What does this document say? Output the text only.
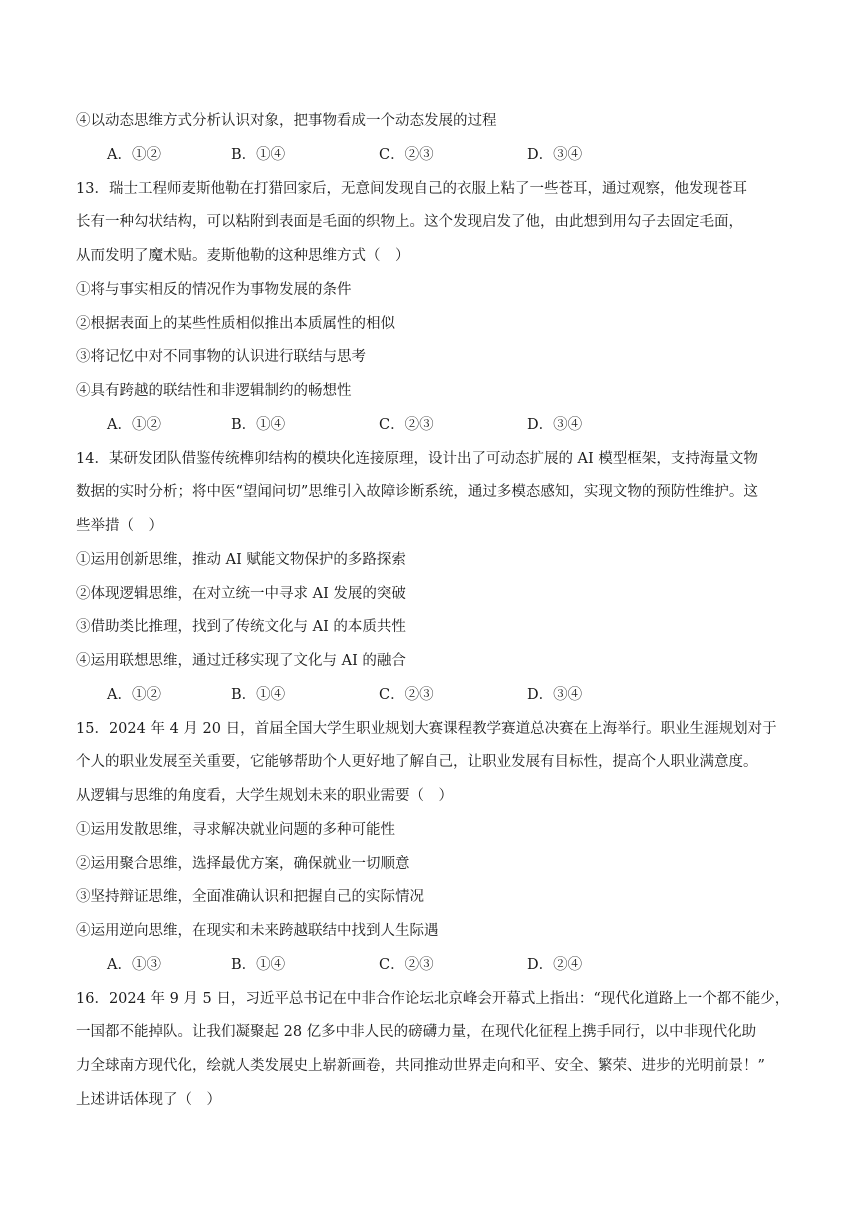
④以动态思维方式分析认识对象，把事物看成一个动态发展的过程
A．①②	B．①④	C．②③	D．③④
13．瑞士工程师麦斯他勒在打猎回家后，无意间发现自己的衣服上粘了一些苍耳，通过观察，他发现苍耳
长有一种勾状结构，可以粘附到表面是毛面的织物上。这个发现启发了他，由此想到用勾子去固定毛面，
从而发明了魔术贴。麦斯他勒的这种思维方式（　）
①将与事实相反的情况作为事物发展的条件
②根据表面上的某些性质相似推出本质属性的相似
③将记忆中对不同事物的认识进行联结与思考
④具有跨越的联结性和非逻辑制约的畅想性
A．①②	B．①④	C．②③	D．③④
14．某研发团队借鉴传统榫卯结构的模块化连接原理，设计出了可动态扩展的 AI 模型框架，支持海量文物
数据的实时分析；将中医“望闻问切”思维引入故障诊断系统，通过多模态感知，实现文物的预防性维护。这
些举措（　）
①运用创新思维，推动 AI 赋能文物保护的多路探索
②体现逻辑思维，在对立统一中寻求 AI 发展的突破
③借助类比推理，找到了传统文化与 AI 的本质共性
④运用联想思维，通过迁移实现了文化与 AI 的融合
A．①②	B．①④	C．②③	D．③④
15．2024 年 4 月 20 日，首届全国大学生职业规划大赛课程教学赛道总决赛在上海举行。职业生涯规划对于
个人的职业发展至关重要，它能够帮助个人更好地了解自己，让职业发展有目标性，提高个人职业满意度。
从逻辑与思维的角度看，大学生规划未来的职业需要（　）
①运用发散思维，寻求解决就业问题的多种可能性
②运用聚合思维，选择最优方案，确保就业一切顺意
③坚持辩证思维，全面准确认识和把握自己的实际情况
④运用逆向思维，在现实和未来跨越联结中找到人生际遇
A．①③	B．①④	C．②③	D．②④
16．2024 年 9 月 5 日，习近平总书记在中非合作论坛北京峰会开幕式上指出：“现代化道路上一个都不能少，
一国都不能掉队。让我们凝聚起 28 亿多中非人民的磅礴力量，在现代化征程上携手同行，以中非现代化助
力全球南方现代化，绘就人类发展史上崭新画卷，共同推动世界走向和平、安全、繁荣、进步的光明前景！”
上述讲话体现了（　）
